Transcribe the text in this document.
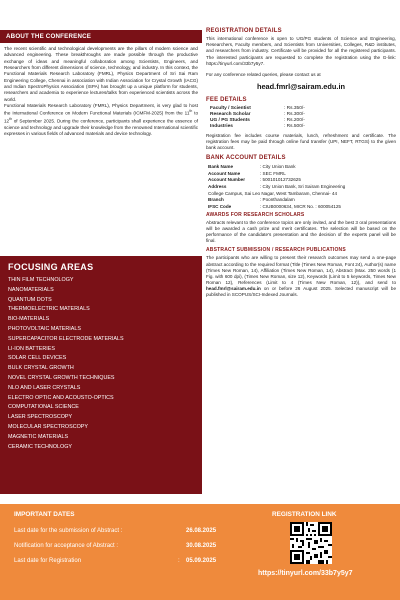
ABOUT THE CONFERENCE

The recent scientific and technological developments are the pillars of modern science and advanced engineering. These breakthroughs are made possible through the productive exchange of ideas and meaningful collaboration among Scientists, Engineers, and Researchers from different dimensions of science, technology, and industry. In this context, the Functional Materials Research Laboratory (FMRL), Physics Department of Sri Sai Ram Engineering College, Chennai in association with Indian Association for Crystal Growth (IACG) and Indian SpectroPhysics Association (ISPA) has brought up a unique platform for students, researchers and academia to experience lectures/talks from experienced scientists across the world.

Functional Materials Research Laboratory (FMRL), Physics Department, is very glad to host the International Conference on Modern Functional Materials (ICMFM-2025) from the 11th to 12th of September 2025. During the conference, participants shall experience the essence of science and technology and upgrade their knowledge from the renowned International scientific expresses in various fields of advanced materials and device technology.

FOCUSING AREAS
THIN FILM TECHNOLOGY
NANOMATERIALS
QUANTUM DOTS
THERMOELECTRIC MATERIALS
BIO-MATERIALS
PHOTOVOLTAIC MATERIALS
SUPERCAPACITOR ELECTRODE MATERIALS
LI-ION BATTERIES
SOLAR CELL DEVICES
BULK CRYSTAL GROWTH
NOVEL CRYSTAL GROWTH TECHNIQUES
NLO AND LASER CRYSTALS
ELECTRO OPTIC AND ACOUSTO-OPTICS
COMPUTATIONAL SCIENCE
LASER SPECTROSCOPY
MOLECULAR SPECTROSCOPY
MAGNETIC MATERIALS
CERAMIC TECHNOLOGY
REGISTRATION DETAILS

This international conference is open to UG/PG students of Science and Engineering, Researchers, Faculty members, and Scientists from Universities, Colleges, R&D institutes, and researchers from industry. Certificate will be provided for all the registered participants. The interested participants are requested to complete the registration using the G-link: https://tinyurl.com/33b7y5y7.

For any conference related queries, please contact us at

head.fmrl@sairam.edu.in
FEE DETAILS
Faculty / Scientist	: Rs.350/-
Research Scholar	: Rs.300/-
UG / PG Students	: Rs.200/-
Industries	: Rs.500/-

Registration fee includes course materials, lunch, refreshment and certificate. The registration fees may be paid through online fund transfer (UPI, NEFT, RTGS) to the given bank account.

BANK ACCOUNT DETAILS
Bank Name	: City Union Bank
Account Name	: SEC FMRL
Account Number	: 500101012732625
Address	: City Union Bank, Sri Sairam Engineering
College Campus, Sai Leo Nagar, West Tambaram, Chennai- 44	
Branch	: Poonthandalam
IFSC Code	: CIUB0000634, MICR No. : 600054125
AWARDS FOR RESEARCH SCHOLARS

Abstracts relevant to the conference topics are only invited, and the best 3 oral presentations will be awarded a cash prize and merit certificates. The selection will be based on the performance of the candidate's presentation and the decision of the experts panel will be final.

ABSTRACT SUBMISSION / RESEARCH PUBLICATIONS

The participants who are willing to present their research outcomes may send a one-page abstract according to the required format (Title (Times New Roman, Font 24), Author(s) name (Times New Roman, 14), Affiliation (Times New Roman, 14), Abstract (Max. 250 words (1 Fig. with 600 dpi), (Times New Roman, size 12), Keywords (Limit to 5 keywords, Times New Roman 12), References (Limit to 4 (Times New Roman, 12)), and send to head.fmrl@sairam.edu.in on or before 26 August 2025. Selected manuscript will be published in SCOPUS/SCI-Indexed Journals.

IMPORTANT DATES
Last date for the submission of Abstract :	26.08.2025
Notification for acceptance of Abstract :	30.08.2025
Last date for Registration	: 05.09.2025
REGISTRATION LINK
https://tinyurl.com/33b7y5y7
